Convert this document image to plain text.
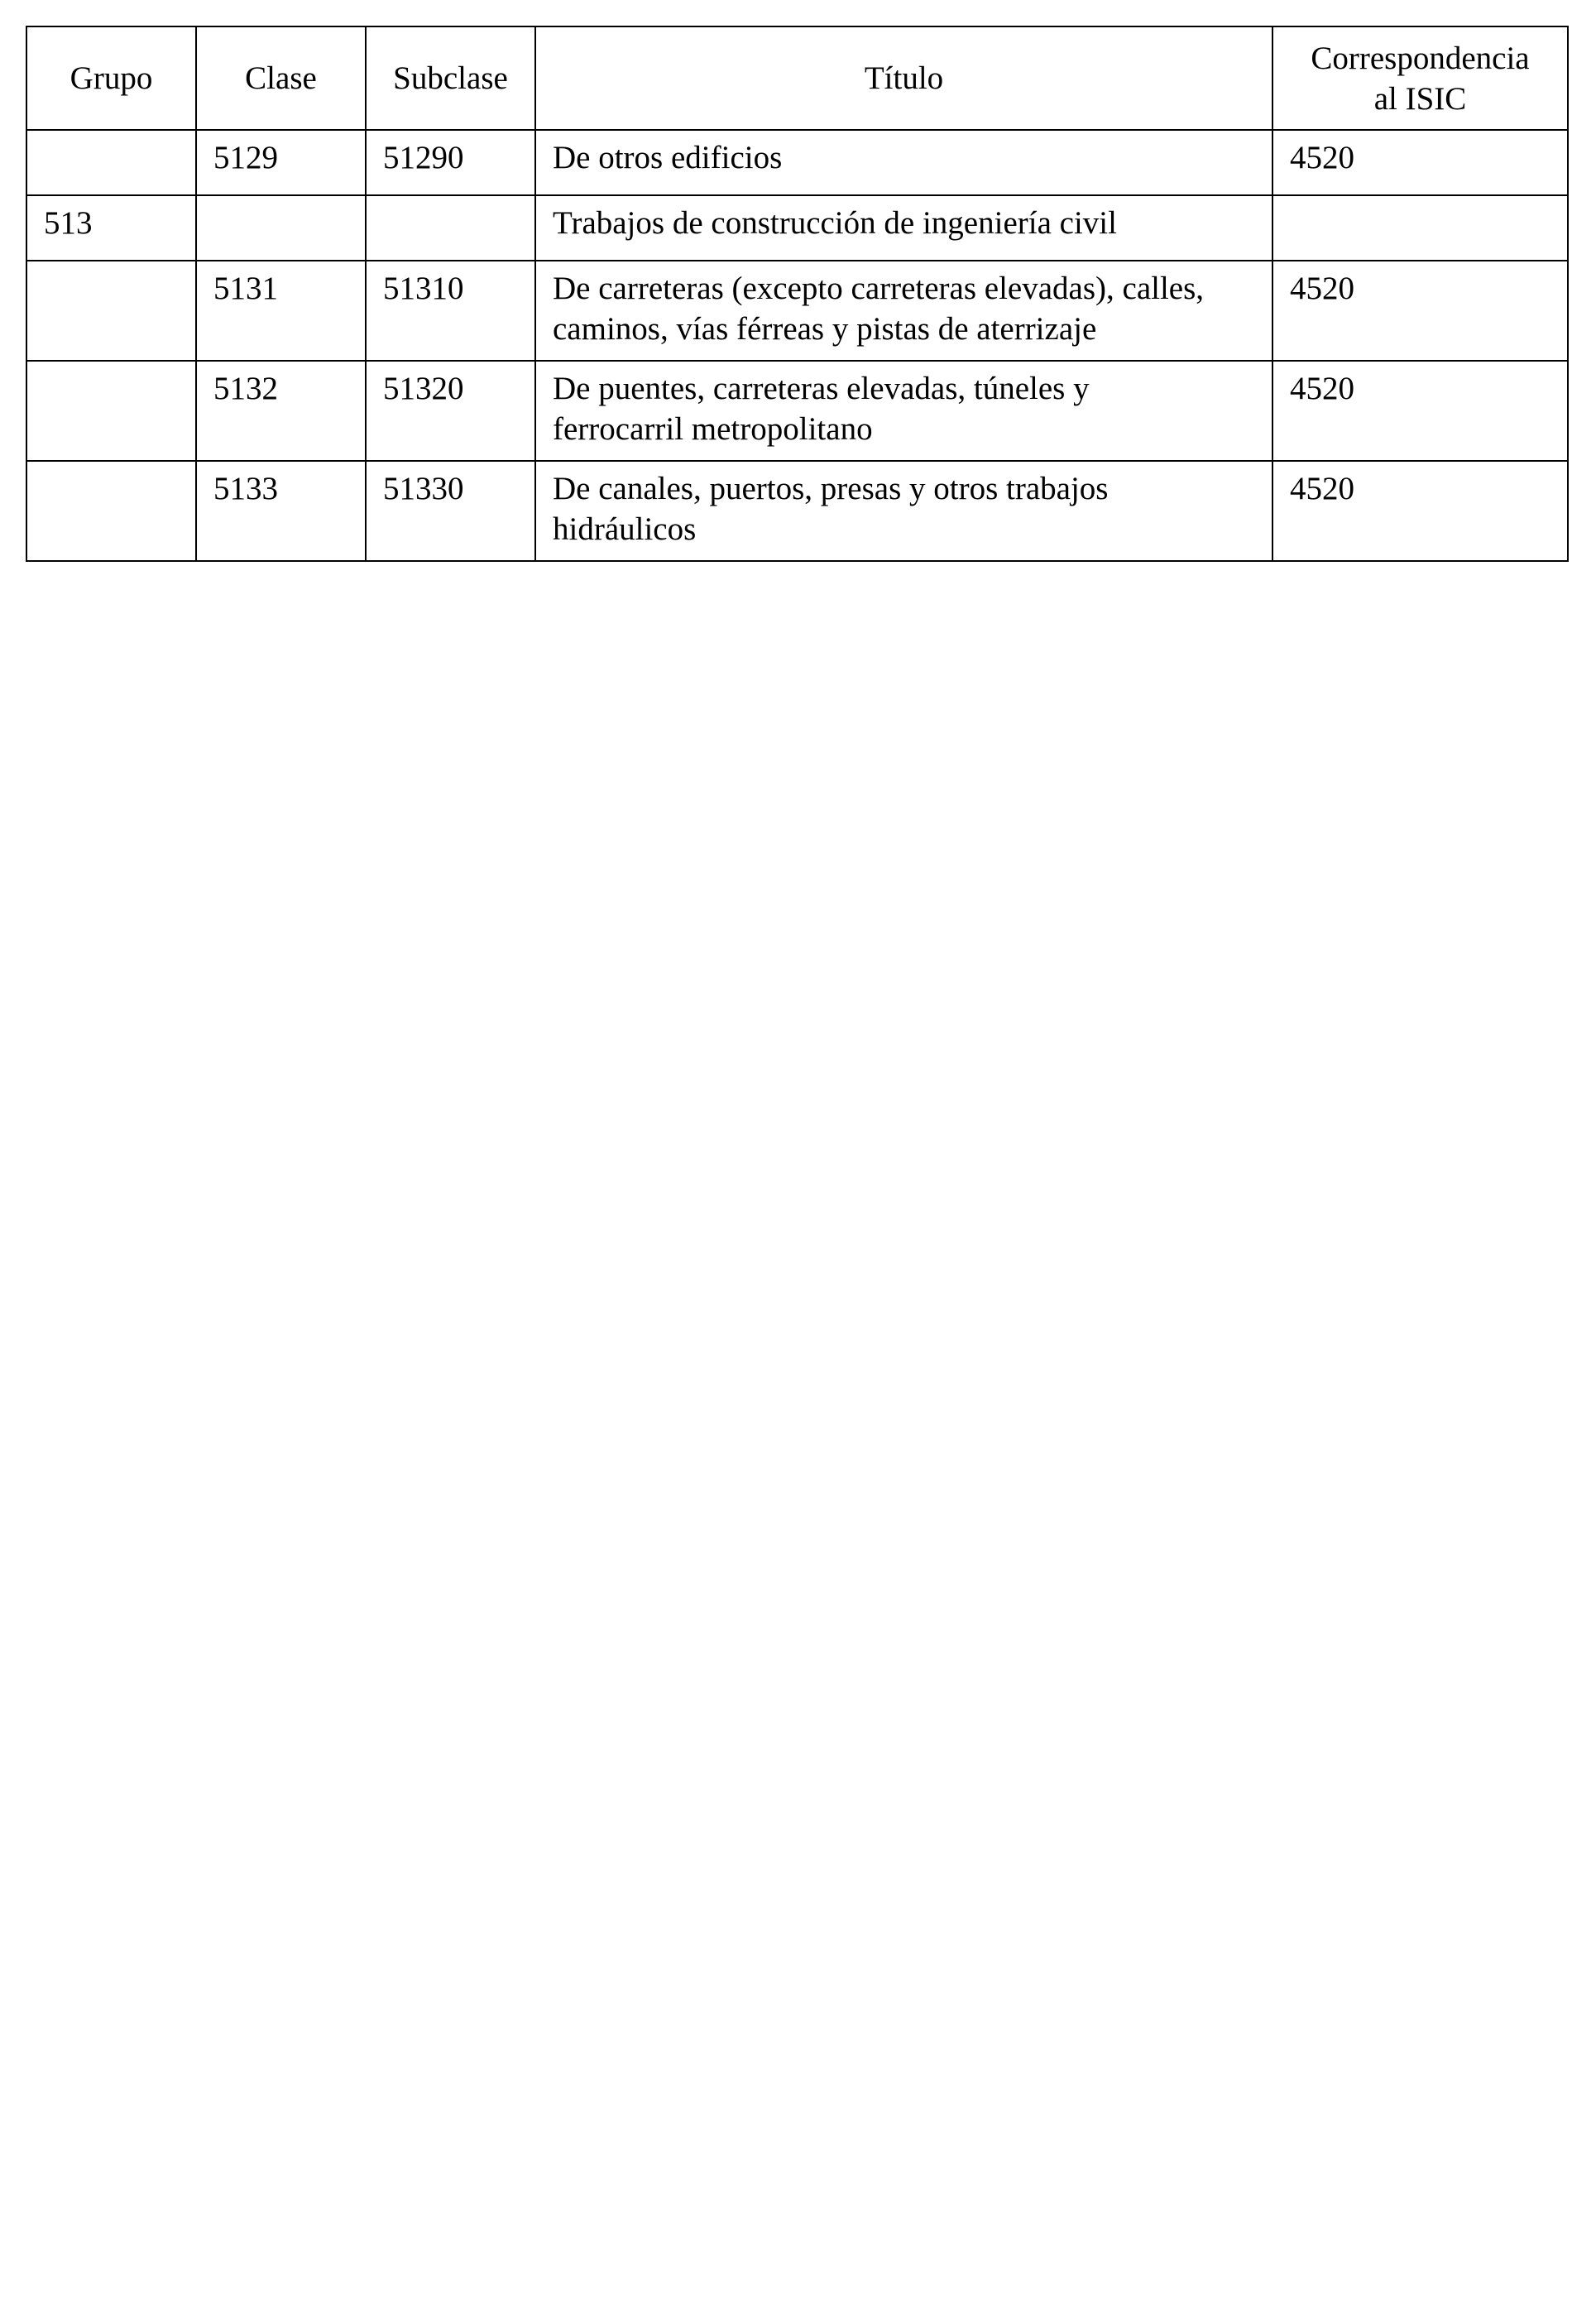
Grupo	Clase	Subclase	Título	Correspondencia
al ISIC

	5129	51290	De otros edificios	4520
513			Trabajos de construcción de ingeniería civil	

	5131	51310	De carreteras (excepto carreteras elevadas), calles,
caminos, vías férreas y pistas de aterrizaje	4520
	5132	51320	De puentes, carreteras elevadas, túneles y
ferrocarril metropolitano	4520
	5133	51330	De canales, puertos, presas y otros trabajos
hidráulicos	4520
